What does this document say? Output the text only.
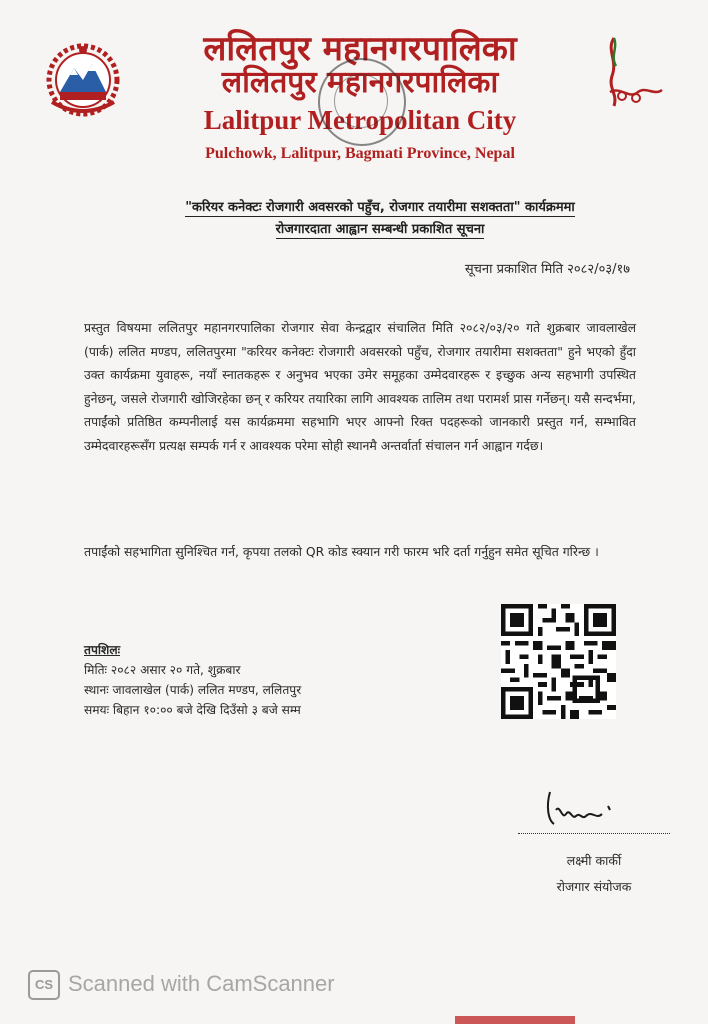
ललितपुर महानगरपालिका
ललितपुर महानगरपालिका
Lalitpur Metropolitan City
Pulchowk, Lalitpur, Bagmati Province, Nepal
"करियर कनेक्टः रोजगारी अवसरको पहुँच, रोजगार तयारीमा सशक्तता" कार्यक्रममा
रोजगारदाता आह्वान सम्बन्धी प्रकाशित सूचना
सूचना प्रकाशित मिति २०८२/०३/१७
प्रस्तुत विषयमा ललितपुर महानगरपालिका रोजगार सेवा केन्द्रद्वार संचालित मिति २०८२/०३/२० गते शुक्रबार जावलाखेल (पार्क) ललित मण्डप, ललितपुरमा "करियर कनेक्टः रोजगारी अवसरको पहुँच, रोजगार तयारीमा सशक्तता" हुने भएको हुँदा उक्त कार्यक्रमा युवाहरू, नयाँ स्नातकहरू र अनुभव भएका उमेर समूहका उम्मेदवारहरू र इच्छुक अन्य सहभागी उपस्थित हुनेछन्, जसले रोजगारी खोजिरहेका छन् र करियर तयारिका लागि आवश्यक तालिम तथा परामर्श प्रास गर्नेछन्। यसै सन्दर्भमा, तपाईंको प्रतिष्ठित कम्पनीलाई यस कार्यक्रममा सहभागि भएर आफ्नो रिक्त पदहरूको जानकारी प्रस्तुत गर्न, सम्भावित उम्मेदवारहरूसँग प्रत्यक्ष सम्पर्क गर्न र आवश्यक परेमा सोही स्थानमै अन्तर्वार्ता संचालन गर्न आह्वान गर्दछ।
तपाईंको सहभागिता सुनिश्चित गर्न, कृपया तलको QR कोड स्क्यान गरी फारम भरि दर्ता गर्नुहुन समेत सूचित गरिन्छ ।
तपशिलः
मितिः २०८२ असार २० गते, शुक्रबार
स्थानः जावलाखेल (पार्क) ललित मण्डप, ललितपुर
समयः बिहान १०:०० बजे देखि दिउँसो ३ बजे सम्म
लक्ष्मी कार्की
रोजगार संयोजक
CS Scanned with CamScanner
